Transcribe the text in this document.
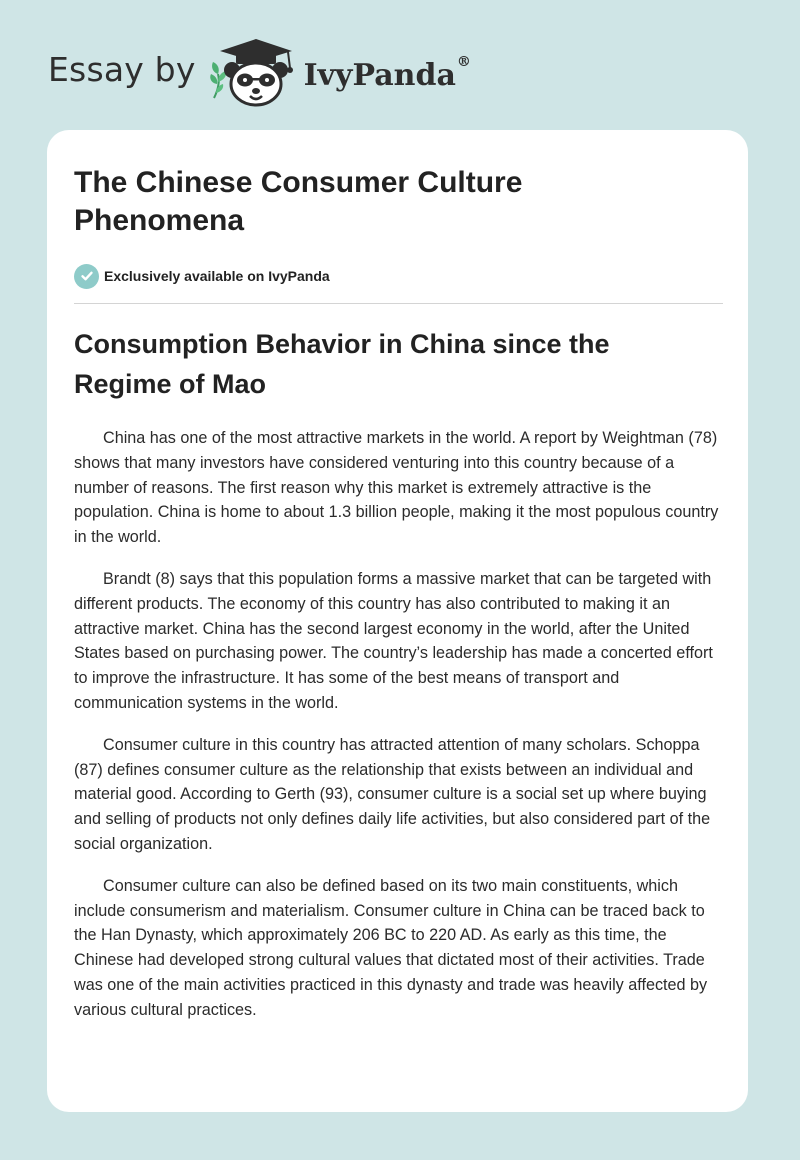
Essay by	IvyPanda®
The Chinese Consumer Culture Phenomena
Exclusively available on IvyPanda
Consumption Behavior in China since the Regime of Mao

China has one of the most attractive markets in the world. A report by Weightman (78) shows that many investors have considered venturing into this country because of a number of reasons. The first reason why this market is extremely attractive is the population. China is home to about 1.3 billion people, making it the most populous country in the world.

Brandt (8) says that this population forms a massive market that can be targeted with different products. The economy of this country has also contributed to making it an attractive market. China has the second largest economy in the world, after the United States based on purchasing power. The country’s leadership has made a concerted effort to improve the infrastructure. It has some of the best means of transport and communication systems in the world.

Consumer culture in this country has attracted attention of many scholars. Schoppa (87) defines consumer culture as the relationship that exists between an individual and material good. According to Gerth (93), consumer culture is a social set up where buying and selling of products not only defines daily life activities, but also considered part of the social organization.

Consumer culture can also be defined based on its two main constituents, which include consumerism and materialism. Consumer culture in China can be traced back to the Han Dynasty, which approximately 206 BC to 220 AD. As early as this time, the Chinese had developed strong cultural values that dictated most of their activities. Trade was one of the main activities practiced in this dynasty and trade was heavily affected by various cultural practices.
